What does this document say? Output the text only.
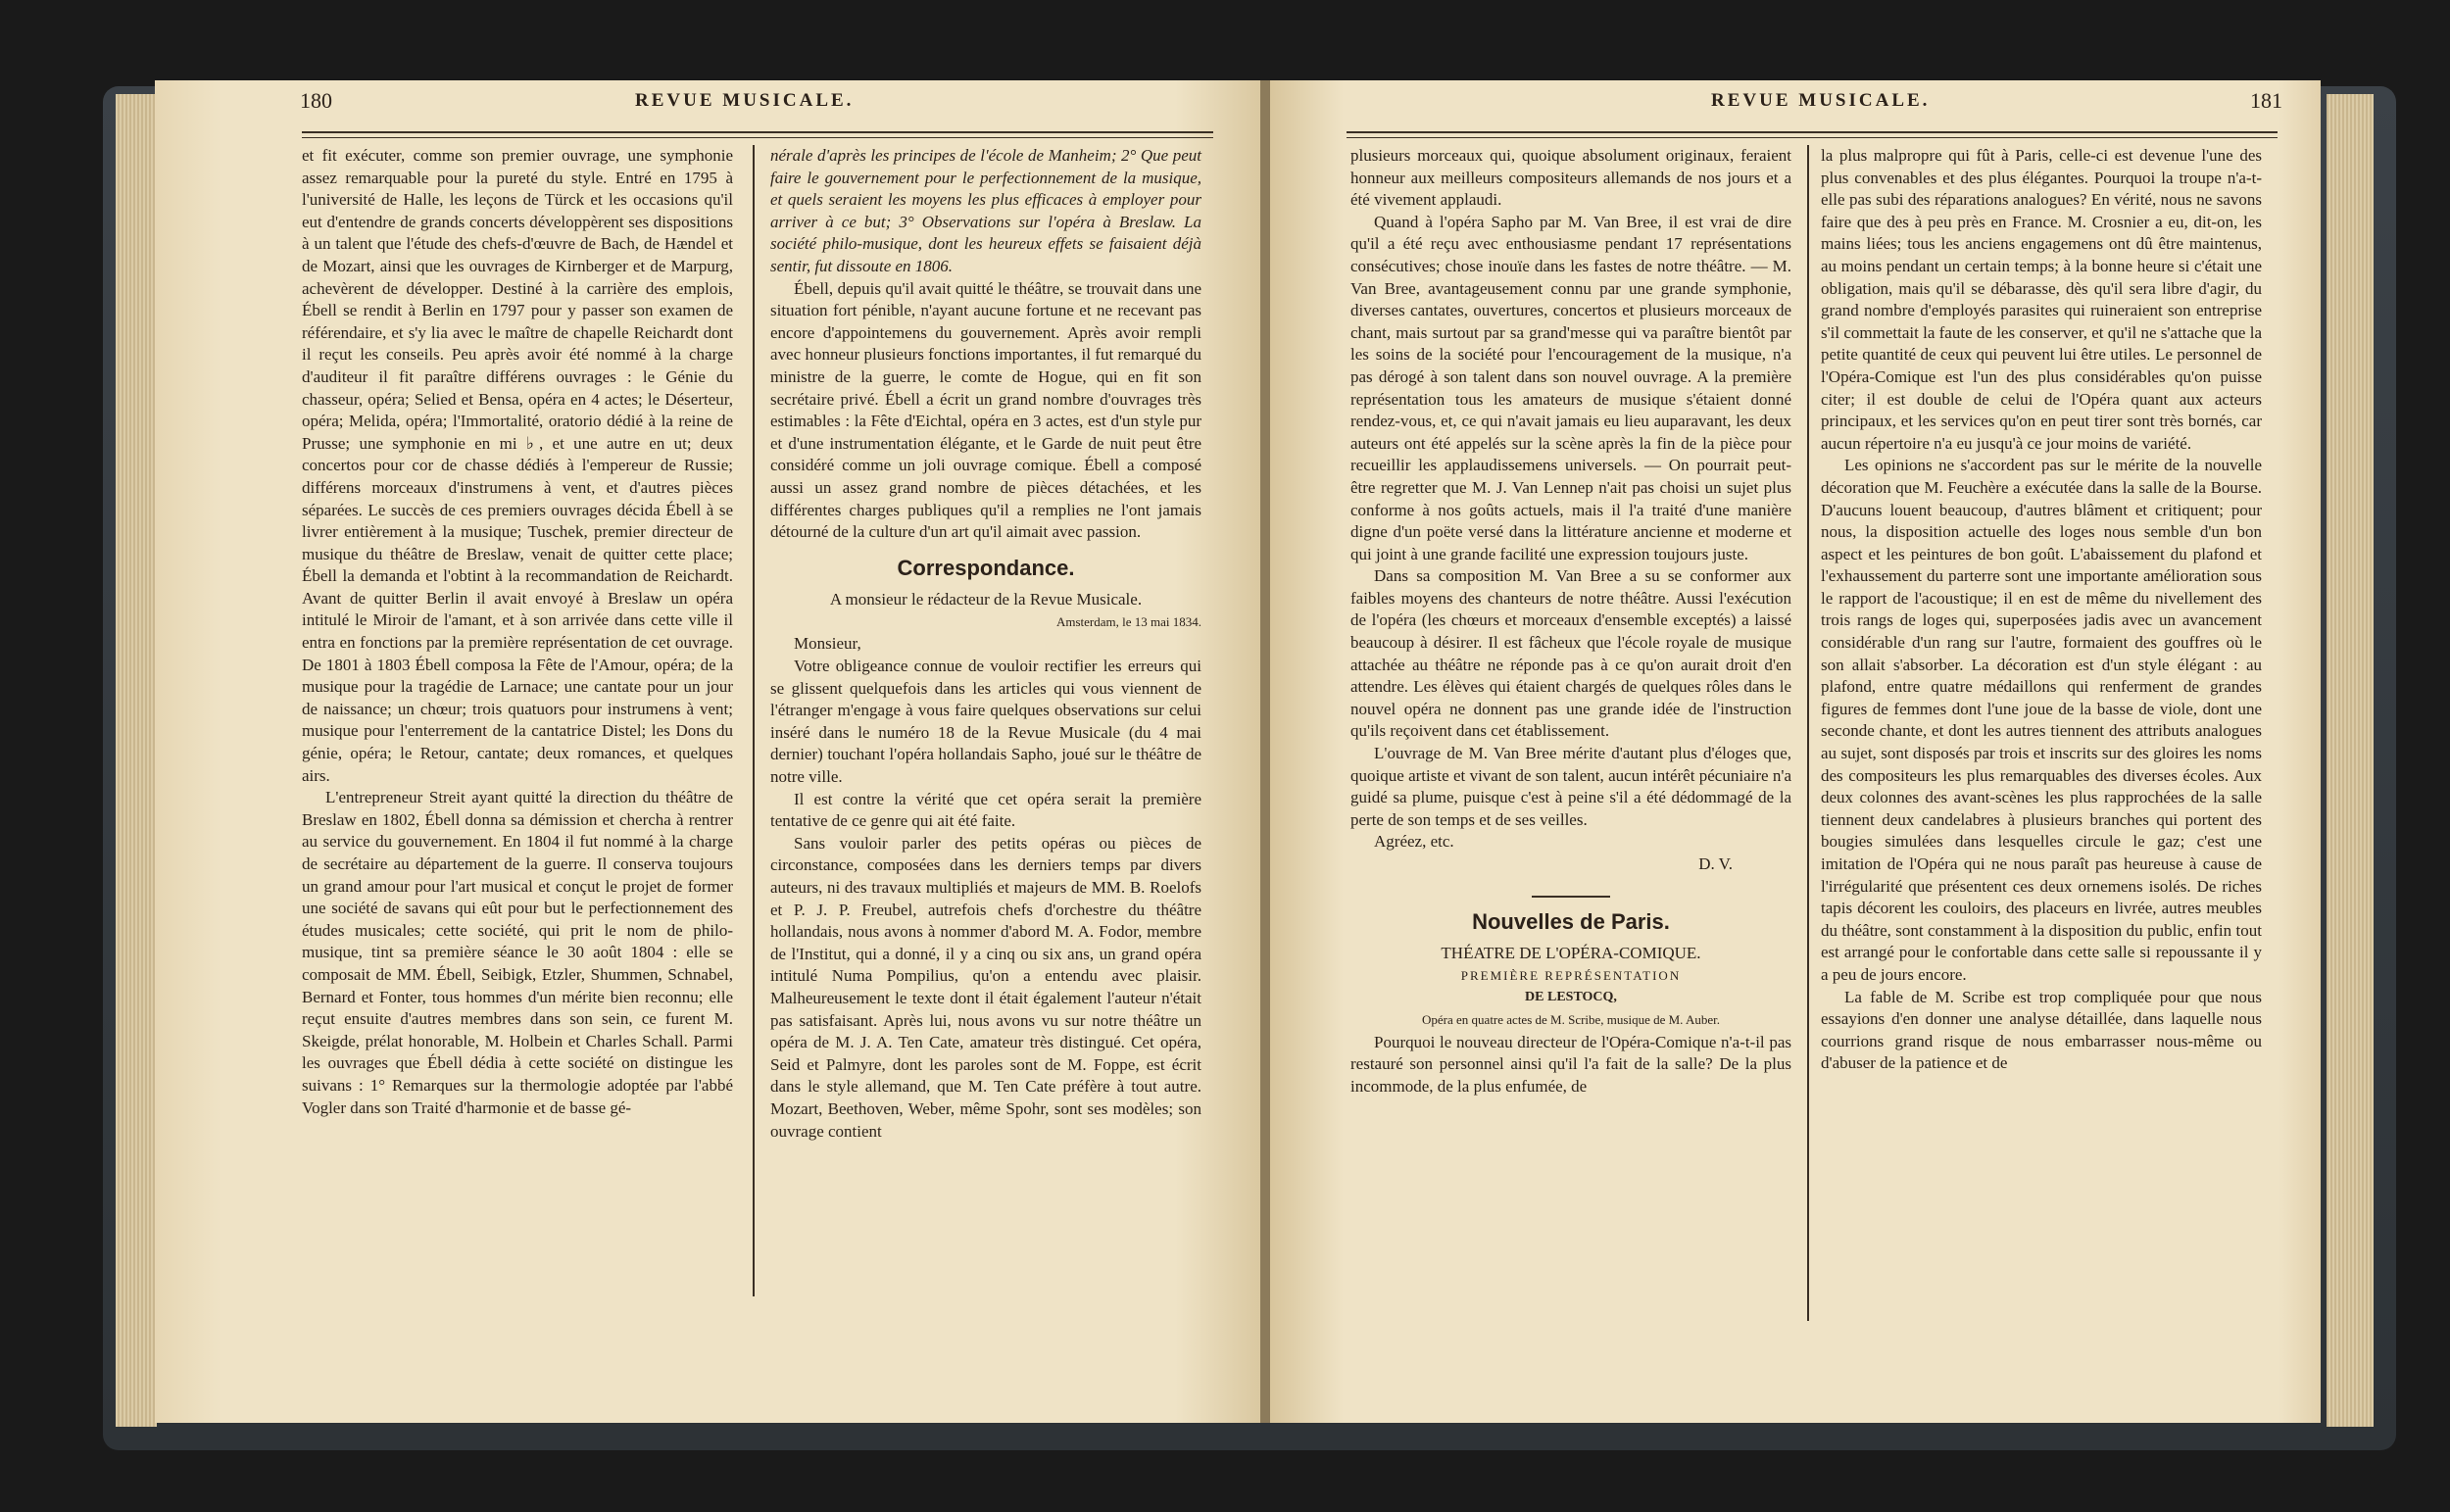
180	REVUE MUSICALE.

et fit exécuter, comme son premier ouvrage, une symphonie assez remarquable pour la pureté du style. Entré en 1795 à l'université de Halle, les leçons de Türck et les occasions qu'il eut d'entendre de grands concerts développèrent ses dispositions à un talent que l'étude des chefs-d'œuvre de Bach, de Hændel et de Mozart, ainsi que les ouvrages de Kirnberger et de Marpurg, achevèrent de développer. Destiné à la carrière des emplois, Ébell se rendit à Berlin en 1797 pour y passer son examen de référendaire, et s'y lia avec le maître de chapelle Reichardt dont il reçut les conseils. Peu après avoir été nommé à la charge d'auditeur il fit paraître différens ouvrages : le Génie du chasseur, opéra; Selied et Bensa, opéra en 4 actes; le Déserteur, opéra; Melida, opéra; l'Immortalité, oratorio dédié à la reine de Prusse; une symphonie en mi ♭, et une autre en ut; deux concertos pour cor de chasse dédiés à l'empereur de Russie; différens morceaux d'instrumens à vent, et d'autres pièces séparées. Le succès de ces premiers ouvrages décida Ébell à se livrer entièrement à la musique; Tuschek, premier directeur de musique du théâtre de Breslaw, venait de quitter cette place; Ébell la demanda et l'obtint à la recommandation de Reichardt. Avant de quitter Berlin il avait envoyé à Breslaw un opéra intitulé le Miroir de l'amant, et à son arrivée dans cette ville il entra en fonctions par la première représentation de cet ouvrage. De 1801 à 1803 Ébell composa la Fête de l'Amour, opéra; de la musique pour la tragédie de Larnace; une cantate pour un jour de naissance; un chœur; trois quatuors pour instrumens à vent; musique pour l'enterrement de la cantatrice Distel; les Dons du génie, opéra; le Retour, cantate; deux romances, et quelques airs.

L'entrepreneur Streit ayant quitté la direction du théâtre de Breslaw en 1802, Ébell donna sa démission et chercha à rentrer au service du gouvernement. En 1804 il fut nommé à la charge de secrétaire au département de la guerre. Il conserva toujours un grand amour pour l'art musical et conçut le projet de former une société de savans qui eût pour but le perfectionnement des études musicales; cette société, qui prit le nom de philo-musique, tint sa première séance le 30 août 1804 : elle se composait de MM. Ébell, Seibigk, Etzler, Shummen, Schnabel, Bernard et Fonter, tous hommes d'un mérite bien reconnu; elle reçut ensuite d'autres membres dans son sein, ce furent M. Skeigde, prélat honorable, M. Holbein et Charles Schall. Parmi les ouvrages que Ébell dédia à cette société on distingue les suivans : 1° Remarques sur la thermologie adoptée par l'abbé Vogler dans son Traité d'harmonie et de basse gé-

nérale d'après les principes de l'école de Manheim; 2° Que peut faire le gouvernement pour le perfectionnement de la musique, et quels seraient les moyens les plus efficaces à employer pour arriver à ce but; 3° Observations sur l'opéra à Breslaw. La société philo-musique, dont les heureux effets se faisaient déjà sentir, fut dissoute en 1806.

Ébell, depuis qu'il avait quitté le théâtre, se trouvait dans une situation fort pénible, n'ayant aucune fortune et ne recevant pas encore d'appointemens du gouvernement. Après avoir rempli avec honneur plusieurs fonctions importantes, il fut remarqué du ministre de la guerre, le comte de Hogue, qui en fit son secrétaire privé. Ébell a écrit un grand nombre d'ouvrages très estimables : la Fête d'Eichtal, opéra en 3 actes, est d'un style pur et d'une instrumentation élégante, et le Garde de nuit peut être considéré comme un joli ouvrage comique. Ébell a composé aussi un assez grand nombre de pièces détachées, et les différentes charges publiques qu'il a remplies ne l'ont jamais détourné de la culture d'un art qu'il aimait avec passion.

Correspondance.

A monsieur le rédacteur de la Revue Musicale.

Amsterdam, le 13 mai 1834.

Monsieur,

Votre obligeance connue de vouloir rectifier les erreurs qui se glissent quelquefois dans les articles qui vous viennent de l'étranger m'engage à vous faire quelques observations sur celui inséré dans le numéro 18 de la Revue Musicale (du 4 mai dernier) touchant l'opéra hollandais Sapho, joué sur le théâtre de notre ville.

Il est contre la vérité que cet opéra serait la première tentative de ce genre qui ait été faite.

Sans vouloir parler des petits opéras ou pièces de circonstance, composées dans les derniers temps par divers auteurs, ni des travaux multipliés et majeurs de MM. B. Roelofs et P. J. P. Freubel, autrefois chefs d'orchestre du théâtre hollandais, nous avons à nommer d'abord M. A. Fodor, membre de l'Institut, qui a donné, il y a cinq ou six ans, un grand opéra intitulé Numa Pompilius, qu'on a entendu avec plaisir. Malheureusement le texte dont il était également l'auteur n'était pas satisfaisant. Après lui, nous avons vu sur notre théâtre un opéra de M. J. A. Ten Cate, amateur très distingué. Cet opéra, Seid et Palmyre, dont les paroles sont de M. Foppe, est écrit dans le style allemand, que M. Ten Cate préfère à tout autre. Mozart, Beethoven, Weber, même Spohr, sont ses modèles; son ouvrage contient

REVUE MUSICALE.	181

plusieurs morceaux qui, quoique absolument originaux, feraient honneur aux meilleurs compositeurs allemands de nos jours et a été vivement applaudi.

Quand à l'opéra Sapho par M. Van Bree, il est vrai de dire qu'il a été reçu avec enthousiasme pendant 17 représentations consécutives; chose inouïe dans les fastes de notre théâtre. — M. Van Bree, avantageusement connu par une grande symphonie, diverses cantates, ouvertures, concertos et plusieurs morceaux de chant, mais surtout par sa grand'messe qui va paraître bientôt par les soins de la société pour l'encouragement de la musique, n'a pas dérogé à son talent dans son nouvel ouvrage. A la première représentation tous les amateurs de musique s'étaient donné rendez-vous, et, ce qui n'avait jamais eu lieu auparavant, les deux auteurs ont été appelés sur la scène après la fin de la pièce pour recueillir les applaudissemens universels. — On pourrait peut-être regretter que M. J. Van Lennep n'ait pas choisi un sujet plus conforme à nos goûts actuels, mais il l'a traité d'une manière digne d'un poëte versé dans la littérature ancienne et moderne et qui joint à une grande facilité une expression toujours juste.

Dans sa composition M. Van Bree a su se conformer aux faibles moyens des chanteurs de notre théâtre. Aussi l'exécution de l'opéra (les chœurs et morceaux d'ensemble exceptés) a laissé beaucoup à désirer. Il est fâcheux que l'école royale de musique attachée au théâtre ne réponde pas à ce qu'on aurait droit d'en attendre. Les élèves qui étaient chargés de quelques rôles dans le nouvel opéra ne donnent pas une grande idée de l'instruction qu'ils reçoivent dans cet établissement.

L'ouvrage de M. Van Bree mérite d'autant plus d'éloges que, quoique artiste et vivant de son talent, aucun intérêt pécuniaire n'a guidé sa plume, puisque c'est à peine s'il a été dédommagé de la perte de son temps et de ses veilles.

Agréez, etc.

D. V.

Nouvelles de Paris.

THÉATRE DE L'OPÉRA-COMIQUE.

PREMIÈRE REPRÉSENTATION

DE LESTOCQ,

Opéra en quatre actes de M. Scribe, musique de M. Auber.

Pourquoi le nouveau directeur de l'Opéra-Comique n'a-t-il pas restauré son personnel ainsi qu'il l'a fait de la salle? De la plus incommode, de la plus enfumée, de

la plus malpropre qui fût à Paris, celle-ci est devenue l'une des plus convenables et des plus élégantes. Pourquoi la troupe n'a-t-elle pas subi des réparations analogues? En vérité, nous ne savons faire que des à peu près en France. M. Crosnier a eu, dit-on, les mains liées; tous les anciens engagemens ont dû être maintenus, au moins pendant un certain temps; à la bonne heure si c'était une obligation, mais qu'il se débarasse, dès qu'il sera libre d'agir, du grand nombre d'employés parasites qui ruineraient son entreprise s'il commettait la faute de les conserver, et qu'il ne s'attache que la petite quantité de ceux qui peuvent lui être utiles. Le personnel de l'Opéra-Comique est l'un des plus considérables qu'on puisse citer; il est double de celui de l'Opéra quant aux acteurs principaux, et les services qu'on en peut tirer sont très bornés, car aucun répertoire n'a eu jusqu'à ce jour moins de variété.

Les opinions ne s'accordent pas sur le mérite de la nouvelle décoration que M. Feuchère a exécutée dans la salle de la Bourse. D'aucuns louent beaucoup, d'autres blâment et critiquent; pour nous, la disposition actuelle des loges nous semble d'un bon aspect et les peintures de bon goût. L'abaissement du plafond et l'exhaussement du parterre sont une importante amélioration sous le rapport de l'acoustique; il en est de même du nivellement des trois rangs de loges qui, superposées jadis avec un avancement considérable d'un rang sur l'autre, formaient des gouffres où le son allait s'absorber. La décoration est d'un style élégant : au plafond, entre quatre médaillons qui renferment de grandes figures de femmes dont l'une joue de la basse de viole, dont une seconde chante, et dont les autres tiennent des attributs analogues au sujet, sont disposés par trois et inscrits sur des gloires les noms des compositeurs les plus remarquables des diverses écoles. Aux deux colonnes des avant-scènes les plus rapprochées de la salle tiennent deux candelabres à plusieurs branches qui portent des bougies simulées dans lesquelles circule le gaz; c'est une imitation de l'Opéra qui ne nous paraît pas heureuse à cause de l'irrégularité que présentent ces deux ornemens isolés. De riches tapis décorent les couloirs, des placeurs en livrée, autres meubles du théâtre, sont constamment à la disposition du public, enfin tout est arrangé pour le confortable dans cette salle si repoussante il y a peu de jours encore.

La fable de M. Scribe est trop compliquée pour que nous essayions d'en donner une analyse détaillée, dans laquelle nous courrions grand risque de nous embarrasser nous-même ou d'abuser de la patience et de
